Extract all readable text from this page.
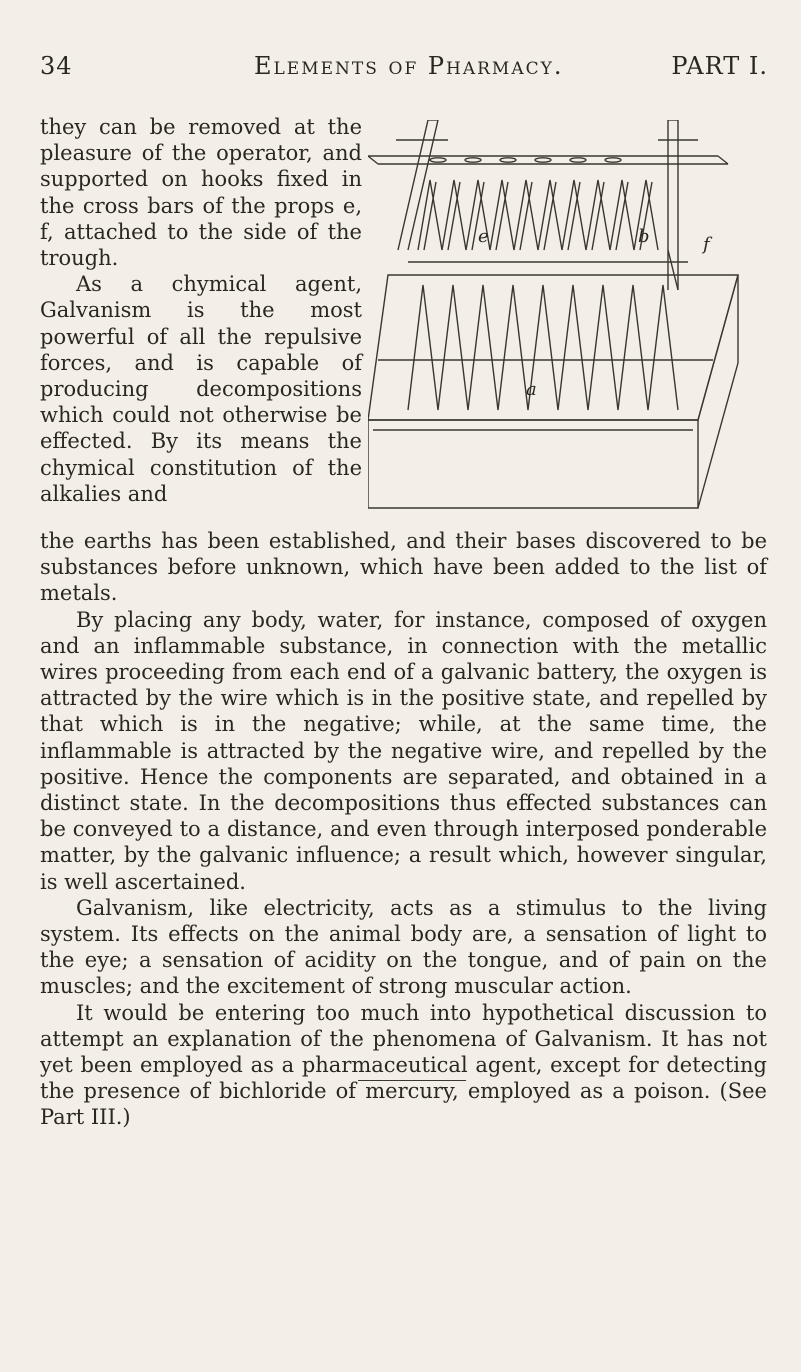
34	Elements of Pharmacy.	PART I.

they can be removed at the pleasure of the operator, and supported on hooks fixed in the cross bars of the props e, f, attached to the side of the trough.

As a chymical agent, Galvanism is the most powerful of all the repulsive forces, and is capable of producing decompositions which could not otherwise be effected. By its means the chymical constitution of the alkalies and

e	b	f
a

the earths has been established, and their bases discovered to be substances before unknown, which have been added to the list of metals.

By placing any body, water, for instance, composed of oxygen and an inflammable substance, in connection with the metallic wires proceeding from each end of a galvanic battery, the oxygen is attracted by the wire which is in the positive state, and repelled by that which is in the negative; while, at the same time, the inflammable is attracted by the negative wire, and repelled by the positive. Hence the components are separated, and obtained in a distinct state. In the decompositions thus effected substances can be conveyed to a distance, and even through interposed ponderable matter, by the galvanic influence; a result which, however singular, is well ascertained.

Galvanism, like electricity, acts as a stimulus to the living system. Its effects on the animal body are, a sensation of light to the eye; a sensation of acidity on the tongue, and of pain on the muscles; and the excitement of strong muscular action.

It would be entering too much into hypothetical discussion to attempt an explanation of the phenomena of Galvanism. It has not yet been employed as a pharmaceutical agent, except for detecting the presence of bichloride of mercury, employed as a poison. (See Part III.)
